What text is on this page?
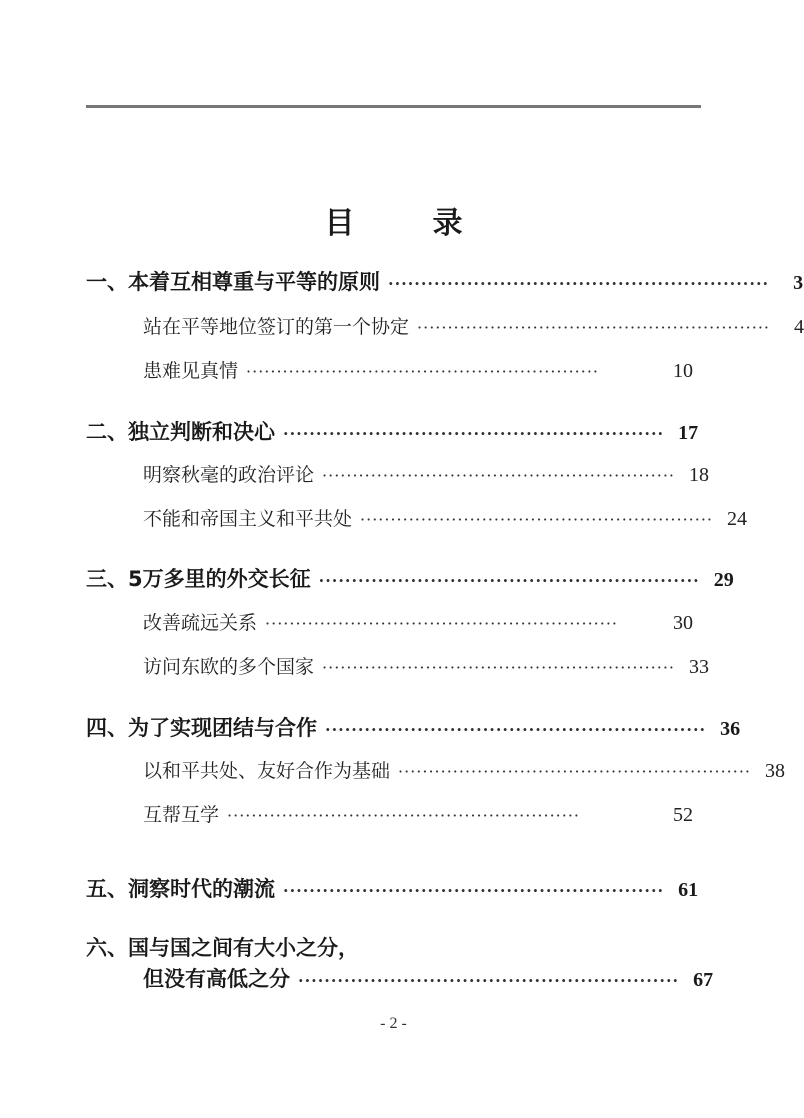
目	录
一、本着互相尊重与平等的原则 ··························································	3
站在平等地位签订的第一个协定 ··························································	4
患难见真情 ··························································	10
二、独立判断和决心 ·························································· 17
明察秋毫的政治评论 ·························································· 18
不能和帝国主义和平共处 ·························································· 24
三、5万多里的外交长征 ·························································· 29
改善疏远关系 ··························································	30
访问东欧的多个国家 ·························································· 33
四、为了实现团结与合作 ·························································· 36
以和平共处、友好合作为基础 ·························································· 38
互帮互学 ··························································	52
五、洞察时代的潮流 ·························································· 61
六、国与国之间有大小之分，
但没有高低之分 ·························································· 67
- 2 -
